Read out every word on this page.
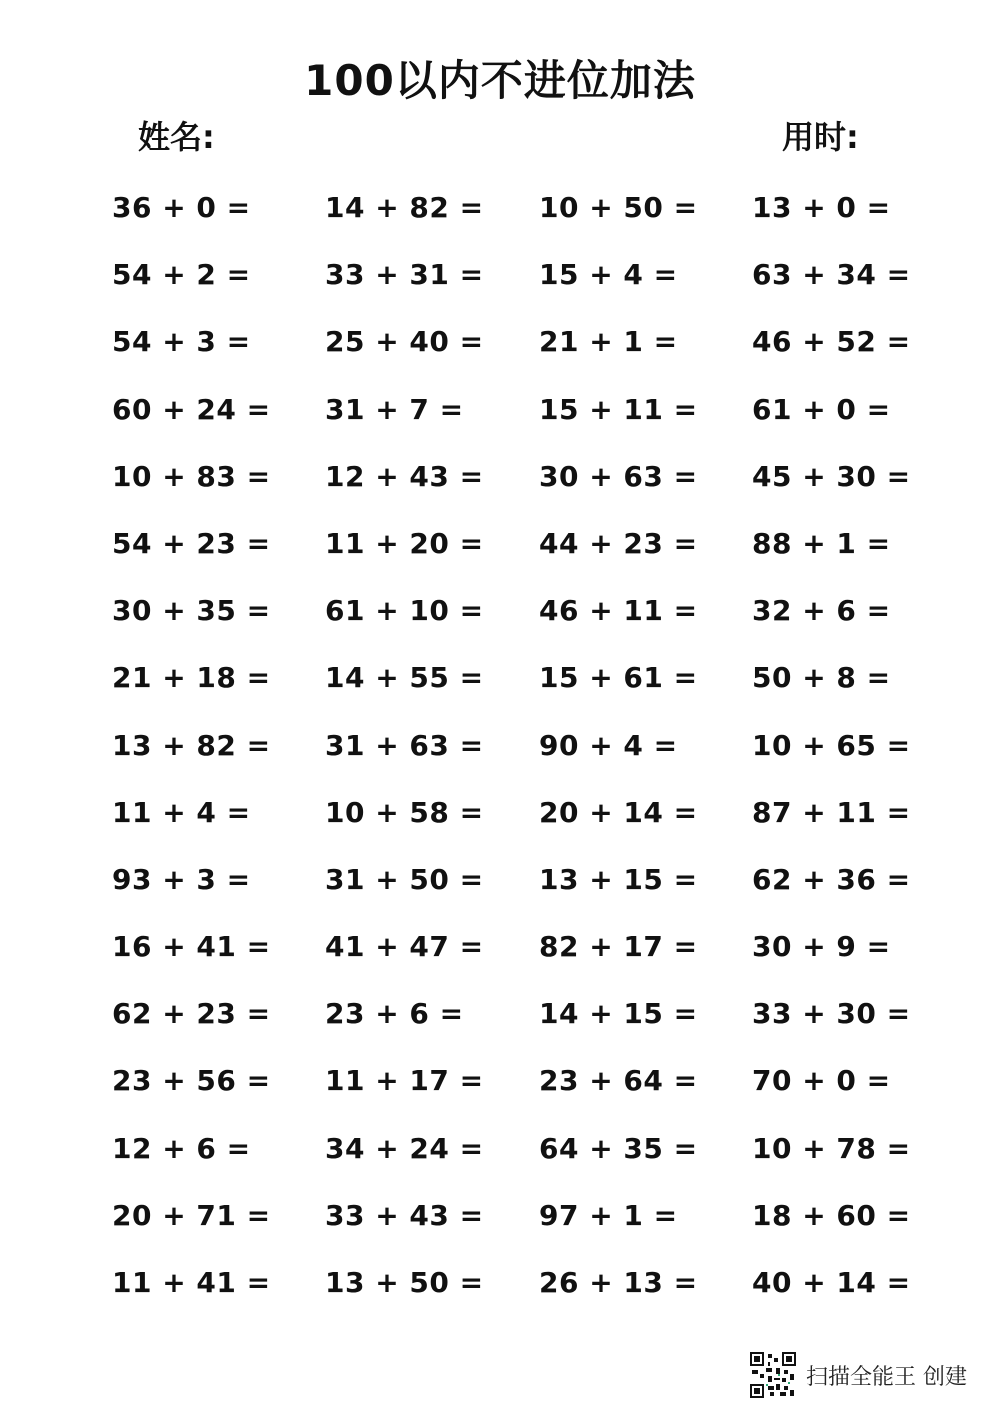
100以内不进位加法
姓名:	用时:
36 + 0 =	14 + 82 =	10 + 50 =	13 + 0 =
54 + 2 =	33 + 31 =	15 + 4 =	63 + 34 =
54 + 3 =	25 + 40 =	21 + 1 =	46 + 52 =
60 + 24 =	31 + 7 =	15 + 11 =	61 + 0 =
10 + 83 =	12 + 43 =	30 + 63 =	45 + 30 =
54 + 23 =	11 + 20 =	44 + 23 =	88 + 1 =
30 + 35 =	61 + 10 =	46 + 11 =	32 + 6 =
21 + 18 =	14 + 55 =	15 + 61 =	50 + 8 =
13 + 82 =	31 + 63 =	90 + 4 =	10 + 65 =
11 + 4 =	10 + 58 =	20 + 14 =	87 + 11 =
93 + 3 =	31 + 50 =	13 + 15 =	62 + 36 =
16 + 41 =	41 + 47 =	82 + 17 =	30 + 9 =
62 + 23 =	23 + 6 =	14 + 15 =	33 + 30 =
23 + 56 =	11 + 17 =	23 + 64 =	70 + 0 =
12 + 6 =	34 + 24 =	64 + 35 =	10 + 78 =
20 + 71 =	33 + 43 =	97 + 1 =	18 + 60 =
11 + 41 =	13 + 50 =	26 + 13 =	40 + 14 =
扫描全能王 创建
